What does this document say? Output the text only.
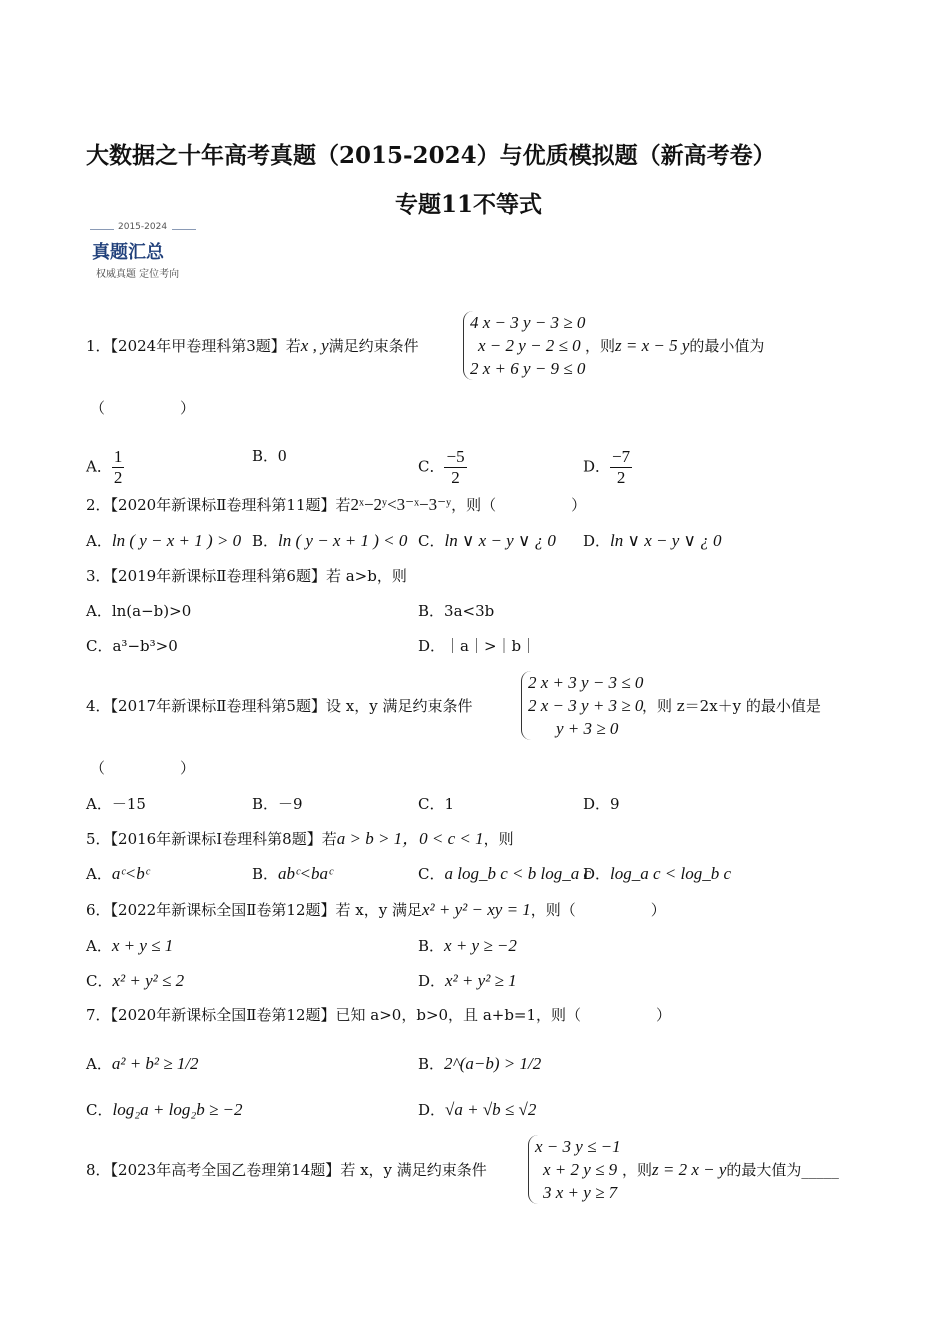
大数据之十年高考真题（2015-2024）与优质模拟题（新高考卷）
专题11不等式
2015-2024
真题汇总
权威真题 定位考向
1．【2024年甲卷理科第3题】若x , y满足约束条件
4 x − 3 y − 3 ≥ 0
x − 2 y − 2 ≤ 0
2 x + 6 y − 9 ≤ 0
，则z = x − 5 y的最小值为
（　　　　　）
A． $\frac{1}{2}$	B．0
C． $\frac{-5}{2}$	D． $\frac{-7}{2}$
2．【2020年新课标Ⅱ卷理科第11题】若2ˣ−2ʸ<3⁻ˣ−3⁻ʸ，则（　　　　　）
A．ln ( y − x + 1 ) > 0 B．ln ( y − x + 1 ) < 0 C．ln ∨ x − y ∨ ¿ 0 D．ln ∨ x − y ∨ ¿ 0
3．【2019年新课标Ⅱ卷理科第6题】若 a>b，则
A．ln(a−b)>0	B．3a<3b
C．a³−b³>0	D．｜a｜>｜b｜
4．【2017年新课标Ⅱ卷理科第5题】设 x，y 满足约束条件
2 x + 3 y − 3 ≤ 0
2 x − 3 y + 3 ≥ 0
y + 3 ≥ 0
，则 z＝2x＋y 的最小值是
（　　　　　）
A．－15	B．－9	C．1	D．9
5．【2016年新课标Ⅰ卷理科第8题】若a > b > 1，0 < c < 1，则
A．aᶜ<bᶜ	B．abᶜ<baᶜ	C．a log_b c < b log_a c
D．log_a c < log_b c
6．【2022年新课标全国Ⅱ卷第12题】若 x，y 满足x² + y² − xy = 1，则（　　　　　）
A．x + y ≤ 1	B．x + y ≥ −2
C．x² + y² ≤ 2	D．x² + y² ≥ 1
7．【2020年新课标全国Ⅱ卷第12题】已知 a>0，b>0，且 a+b=1，则（　　　　　）
A．a² + b² ≥ 1/2	B．2^(a−b) > 1/2
C．log₂a + log₂b ≥ −2	D．√a + √b ≤ √2
8．【2023年高考全国乙卷理第14题】若 x，y 满足约束条件
x − 3 y ≤ −1
x + 2 y ≤ 9
3 x + y ≥ 7
，则z = 2 x − y的最大值为_____
